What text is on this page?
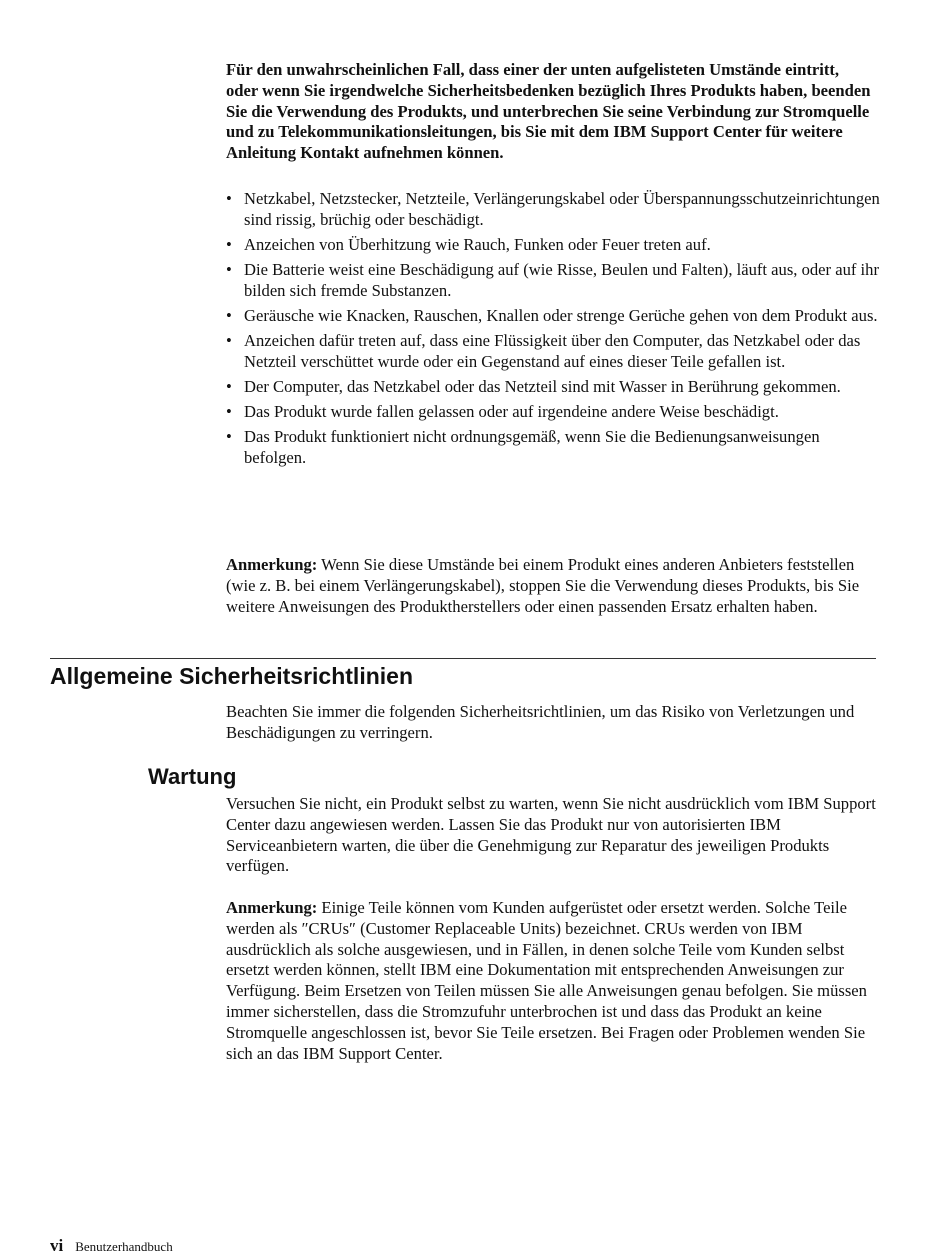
Für den unwahrscheinlichen Fall, dass einer der unten aufgelisteten Umstände eintritt, oder wenn Sie irgendwelche Sicherheitsbedenken bezüglich Ihres Produkts haben, beenden Sie die Verwendung des Produkts, und unterbrechen Sie seine Verbindung zur Stromquelle und zu Telekommunikationsleitungen, bis Sie mit dem IBM Support Center für weitere Anleitung Kontakt aufnehmen können.

• Netzkabel, Netzstecker, Netzteile, Verlängerungskabel oder Überspannungsschutzeinrichtungen sind rissig, brüchig oder beschädigt.
• Anzeichen von Überhitzung wie Rauch, Funken oder Feuer treten auf.
• Die Batterie weist eine Beschädigung auf (wie Risse, Beulen und Falten), läuft aus, oder auf ihr bilden sich fremde Substanzen.
• Geräusche wie Knacken, Rauschen, Knallen oder strenge Gerüche gehen von dem Produkt aus.
• Anzeichen dafür treten auf, dass eine Flüssigkeit über den Computer, das Netzkabel oder das Netzteil verschüttet wurde oder ein Gegenstand auf eines dieser Teile gefallen ist.
• Der Computer, das Netzkabel oder das Netzteil sind mit Wasser in Berührung gekommen.
• Das Produkt wurde fallen gelassen oder auf irgendeine andere Weise beschädigt.
• Das Produkt funktioniert nicht ordnungsgemäß, wenn Sie die Bedienungsanweisungen befolgen.

Anmerkung: Wenn Sie diese Umstände bei einem Produkt eines anderen Anbieters feststellen (wie z. B. bei einem Verlängerungskabel), stoppen Sie die Verwendung dieses Produkts, bis Sie weitere Anweisungen des Produktherstellers oder einen passenden Ersatz erhalten haben.

Allgemeine Sicherheitsrichtlinien

Beachten Sie immer die folgenden Sicherheitsrichtlinien, um das Risiko von Verletzungen und Beschädigungen zu verringern.

Wartung

Versuchen Sie nicht, ein Produkt selbst zu warten, wenn Sie nicht ausdrücklich vom IBM Support Center dazu angewiesen werden. Lassen Sie das Produkt nur von autorisierten IBM Serviceanbietern warten, die über die Genehmigung zur Reparatur des jeweiligen Produkts verfügen.

Anmerkung: Einige Teile können vom Kunden aufgerüstet oder ersetzt werden. Solche Teile werden als ″CRUs″ (Customer Replaceable Units) bezeichnet. CRUs werden von IBM ausdrücklich als solche ausgewiesen, und in Fällen, in denen solche Teile vom Kunden selbst ersetzt werden können, stellt IBM eine Dokumentation mit entsprechenden Anweisungen zur Verfügung. Beim Ersetzen von Teilen müssen Sie alle Anweisungen genau befolgen. Sie müssen immer sicherstellen, dass die Stromzufuhr unterbrochen ist und dass das Produkt an keine Stromquelle angeschlossen ist, bevor Sie Teile ersetzen. Bei Fragen oder Problemen wenden Sie sich an das IBM Support Center.

vi Benutzerhandbuch
